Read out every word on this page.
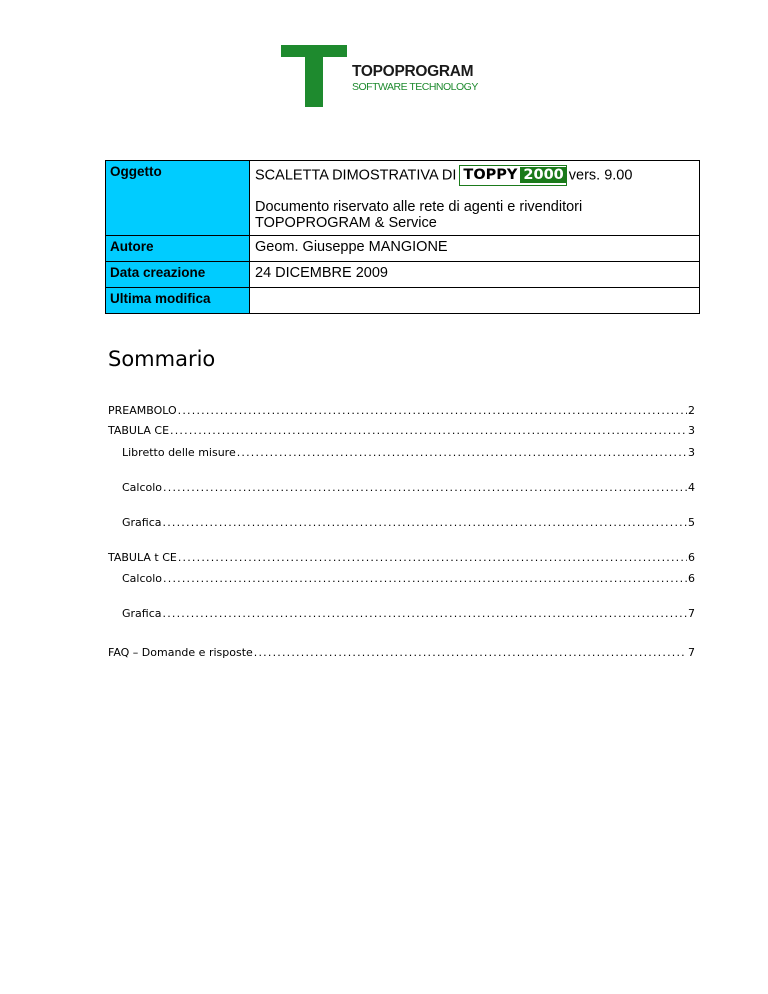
TOPOPROGRAM
SOFTWARE TECHNOLOGY
Oggetto	SCALETTA DIMOSTRATIVA DI TOPPY 2000 vers. 9.00
Documento riservato alle rete di agenti e rivenditori
TOPOPROGRAM & Service

Autore	Geom. Giuseppe MANGIONE
Data creazione	24 DICEMBRE 2009
Ultima modifica	
Sommario
PREAMBOLO .....	2
TABULA CE .....	3
Libretto delle misure .....	3
Calcolo .....	4
Grafica .....	5
TABULA t CE .....	6
Calcolo .....	6
Grafica .....	7
FAQ – Domande e risposte .....	7
